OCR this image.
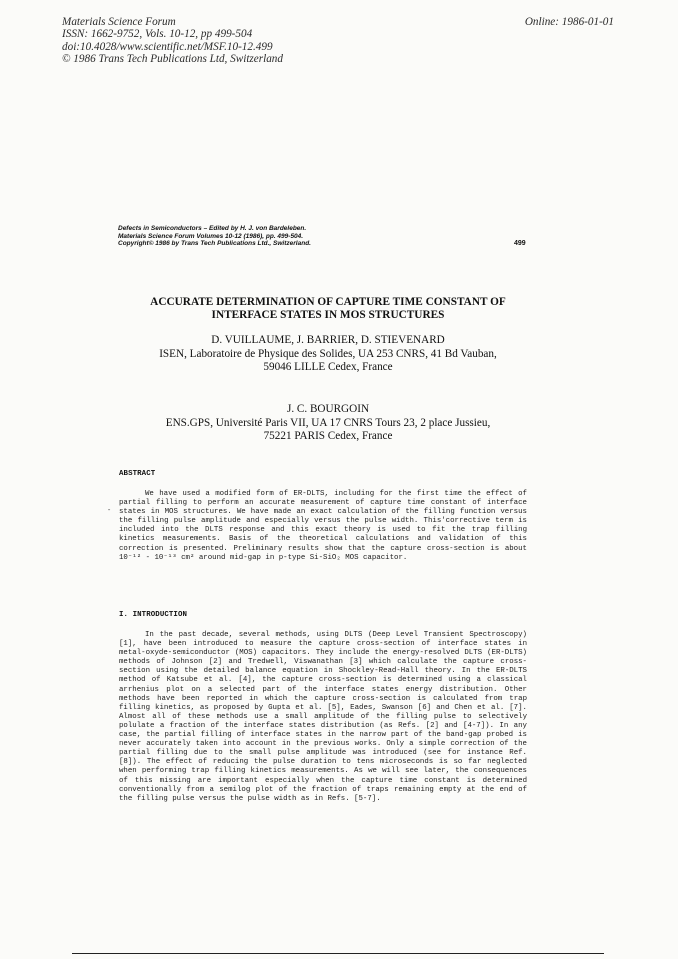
Materials Science Forum
ISSN: 1662-9752, Vols. 10-12, pp 499-504
doi:10.4028/www.scientific.net/MSF.10-12.499
© 1986 Trans Tech Publications Ltd, Switzerland
Online: 1986-01-01
Defects in Semiconductors – Edited by H. J. von Bardeleben.
Materials Science Forum Volumes 10-12 (1986), pp. 499-504.
Copyright© 1986 by Trans Tech Publications Ltd., Switzerland.	499
ACCURATE DETERMINATION OF CAPTURE TIME CONSTANT OF
INTERFACE STATES IN MOS STRUCTURES
D. VUILLAUME, J. BARRIER, D. STIEVENARD
ISEN, Laboratoire de Physique des Solides, UA 253 CNRS, 41 Bd Vauban,
59046 LILLE Cedex, France
J. C. BOURGOIN
ENS.GPS, Université Paris VII, UA 17 CNRS Tours 23, 2 place Jussieu,
75221 PARIS Cedex, France
ABSTRACT
-
We have used a modified form of ER-DLTS, including for the first time the effect of partial filling to perform an accurate measurement of capture time constant of interface states in MOS structures. We have made an exact calculation of the filling function versus the filling pulse amplitude and especially versus the pulse width. This'corrective term is included into the DLTS response and this exact theory is used to fit the trap filling kinetics measurements. Basis of the theoretical calculations and validation of this correction is presented. Preliminary results show that the capture cross-section is about 10⁻¹² - 10⁻¹³ cm² around mid-gap in p-type Si-SiO₂ MOS capacitor.
I. INTRODUCTION
In the past decade, several methods, using DLTS (Deep Level Transient Spectroscopy) [1], have been introduced to measure the capture cross-section of interface states in metal-oxyde-semiconductor (MOS) capacitors. They include the energy-resolved DLTS (ER-DLTS) methods of Johnson [2] and Tredwell, Viswanathan [3] which calculate the capture cross-section using the detailed balance equation in Shockley-Read-Hall theory. In the ER-DLTS method of Katsube et al. [4], the capture cross-section is determined using a classical arrhenius plot on a selected part of the interface states energy distribution. Other methods have been reported in which the capture cross-section is calculated from trap filling kinetics, as proposed by Gupta et al. [5], Eades, Swanson [6] and Chen et al. [7]. Almost all of these methods use a small amplitude of the filling pulse to selectively polulate a fraction of the interface states distribution (as Refs. [2] and [4-7]). In any case, the partial filling of interface states in the narrow part of the band-gap probed is never accurately taken into account in the previous works. Only a simple correction of the partial filling due to the small pulse amplitude was introduced (see for instance Ref. [8]). The effect of reducing the pulse duration to tens microseconds is so far neglected when performing trap filling kinetics measurements. As we will see later, the consequences of this missing are important especially when the capture time constant is determined conventionally from a semilog plot of the fraction of traps remaining empty at the end of the filling pulse versus the pulse width as in Refs. [5-7].
